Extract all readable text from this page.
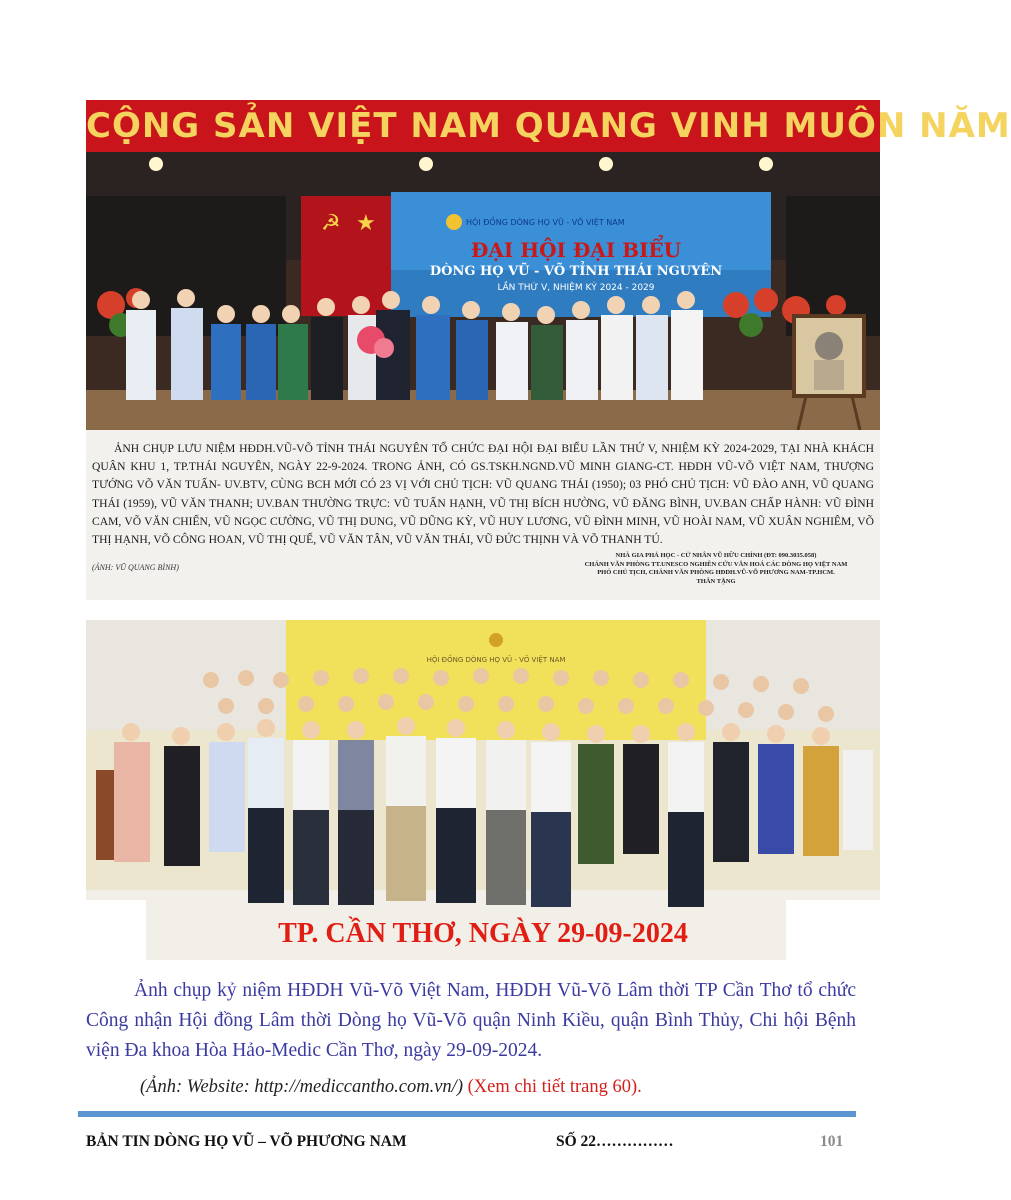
☭ ★
CỘNG SẢN VIỆT NAM QUANG VINH MUÔN NĂM
HỘI ĐỒNG DÒNG HỌ VŨ - VÕ VIỆT NAM
ĐẠI HỘI ĐẠI BIỂU
DÒNG HỌ VŨ - VÕ TỈNH THÁI NGUYÊN
LẦN THỨ V, NHIỆM KỲ 2024 - 2029
ẢNH CHỤP LƯU NIỆM HĐDH.VŨ-VÕ TỈNH THÁI NGUYÊN TỔ CHỨC ĐẠI HỘI ĐẠI BIỂU LẦN THỨ V, NHIỆM KỲ 2024-2029, TẠI NHÀ KHÁCH QUÂN KHU 1, TP.THÁI NGUYÊN, NGÀY 22-9-2024. TRONG ẢNH, CÓ GS.TSKH.NGND.VŨ MINH GIANG-CT. HĐDH VŨ-VÕ VIỆT NAM, THƯỢNG TƯỚNG VÕ VĂN TUẤN- UV.BTV, CÙNG BCH MỚI CÓ 23 VỊ VỚI CHỦ TỊCH: VŨ QUANG THÁI (1950); 03 PHÓ CHỦ TỊCH: VŨ ĐÀO ANH, VŨ QUANG THÁI (1959), VŨ VĂN THANH; UV.BAN THƯỜNG TRỰC: VŨ TUẤN HẠNH, VŨ THỊ BÍCH HƯỜNG, VŨ ĐĂNG BÌNH, UV.BAN CHẤP HÀNH: VŨ ĐÌNH CAM, VÕ VĂN CHIẾN, VŨ NGỌC CƯỜNG, VŨ THỊ DUNG, VŨ DŨNG KỲ, VŨ HUY LƯƠNG, VŨ ĐÌNH MINH, VŨ HOÀI NAM, VŨ XUÂN NGHIÊM, VÕ THỊ HẠNH, VÕ CÔNG HOAN, VŨ THỊ QUẾ, VŨ VĂN TÂN, VŨ VĂN THÁI, VŨ ĐỨC THỊNH VÀ VÕ THANH TÚ.
(ẢNH: VŨ QUANG BÌNH)
NHÀ GIA PHẢ HỌC - CỬ NHÂN VŨ HỮU CHÍNH (ĐT: 090.3035.058)
CHÁNH VĂN PHÒNG TT.UNESCO NGHIÊN CỨU VĂN HOÁ CÁC DÒNG HỌ VIỆT NAM
PHÓ CHỦ TỊCH, CHÁNH VĂN PHÒNG HĐDH.VŨ-VÕ PHƯƠNG NAM-TP.HCM.
THÂN TẶNG
HỘI ĐỒNG DÒNG HỌ VŨ - VÕ VIỆT NAM
TP. CẦN THƠ, NGÀY 29-09-2024
Ảnh chụp kỷ niệm HĐDH Vũ-Võ Việt Nam, HĐDH Vũ-Võ Lâm thời TP Cần Thơ tổ chức Công nhận Hội đồng Lâm thời Dòng họ Vũ-Võ quận Ninh Kiều, quận Bình Thủy, Chi hội Bệnh viện Đa khoa Hòa Hảo-Medic Cần Thơ, ngày 29-09-2024.
(Ảnh: Website: http://mediccantho.com.vn/) (Xem chi tiết trang 60).
BẢN TIN DÒNG HỌ VŨ – VÕ PHƯƠNG NAM	SỐ 22……………	101
